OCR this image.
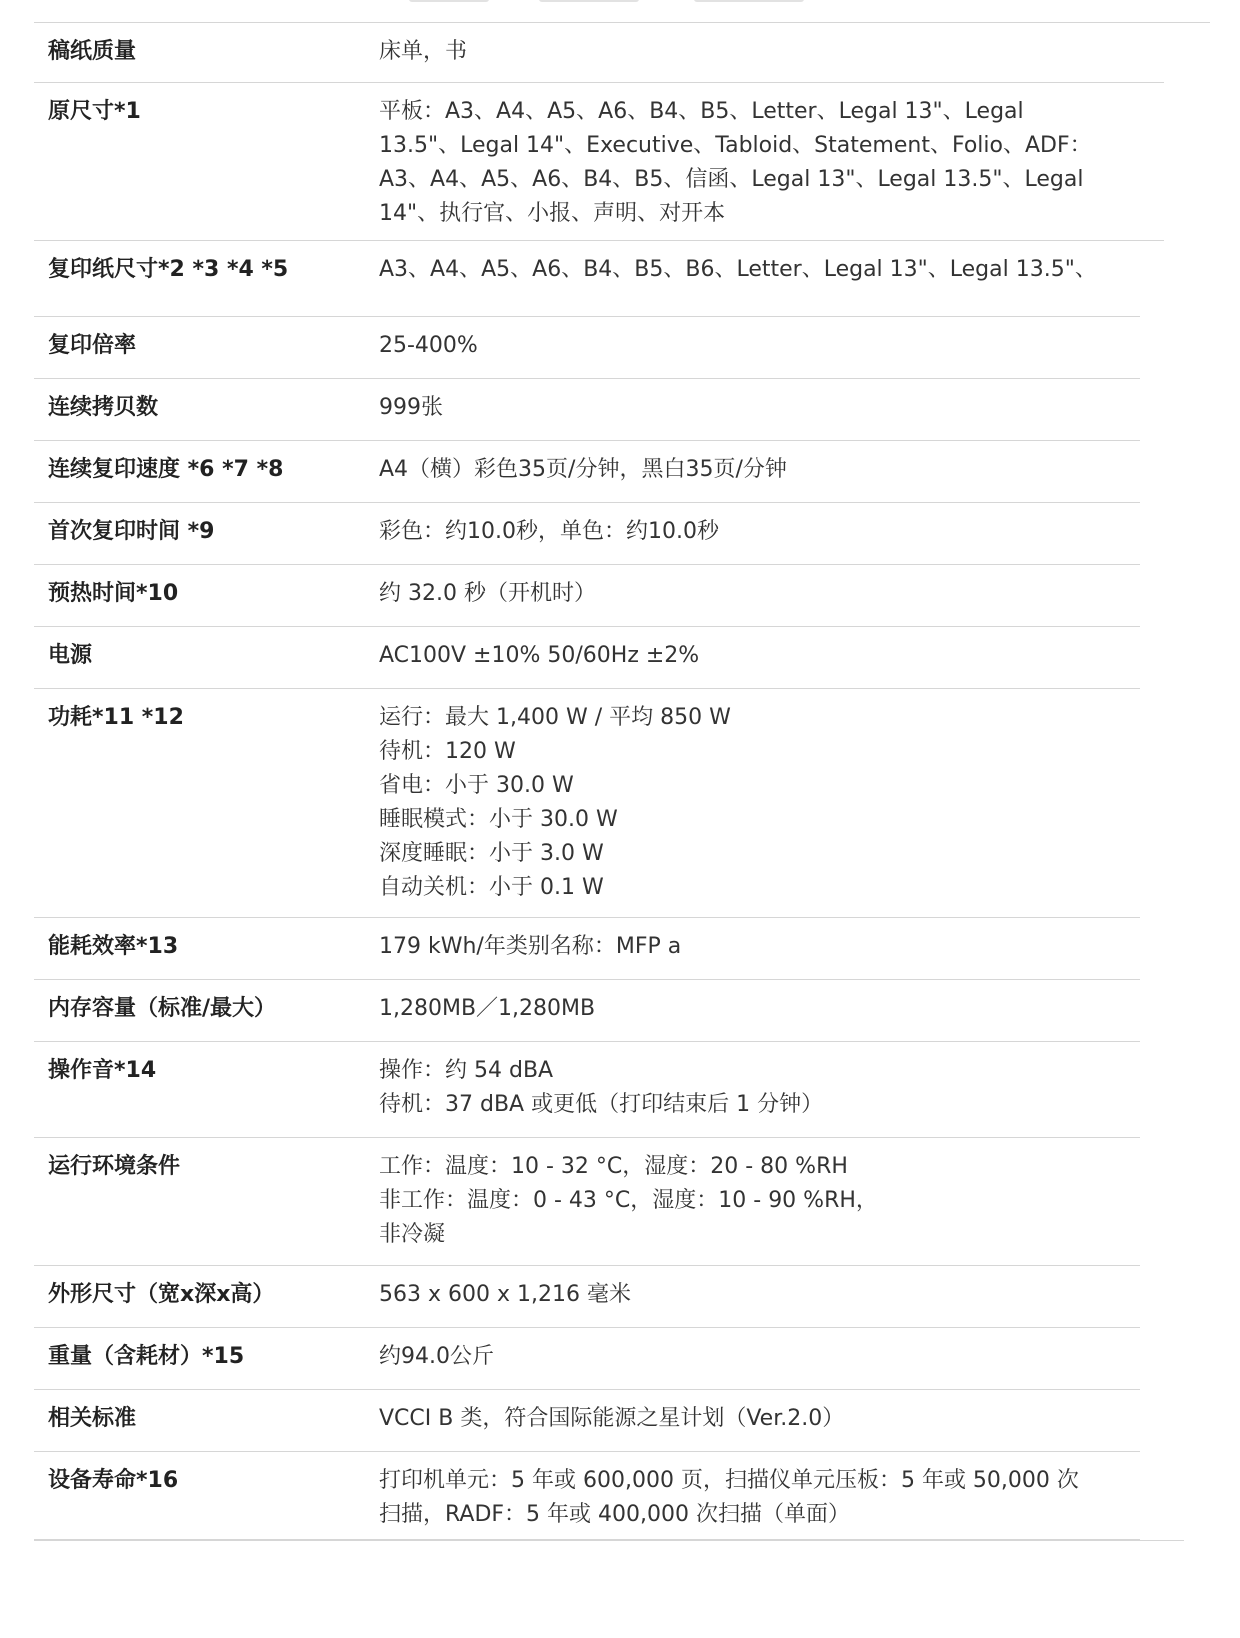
稿纸质量	床单，书
原尺寸*1	平板：A3、A4、A5、A6、B4、B5、Letter、Legal 13"、Legal
13.5"、Legal 14"、Executive、Tabloid、Statement、Folio、ADF：
A3、A4、A5、A6、B4、B5、信函、Legal 13"、Legal 13.5"、Legal
14"、执行官、小报、声明、对开本
复印纸尺寸*2 *3 *4 *5	A3、A4、A5、A6、B4、B5、B6、Letter、Legal 13"、Legal 13.5"、
复印倍率	25-400%
连续拷贝数	999张
连续复印速度 *6 *7 *8	A4（横）彩色35页/分钟，黑白35页/分钟
首次复印时间 *9	彩色：约10.0秒，单色：约10.0秒
预热时间*10	约 32.0 秒（开机时）
电源	AC100V ±10% 50/60Hz ±2%
功耗*11 *12	运行：最大 1,400 W / 平均 850 W
待机：120 W
省电：小于 30.0 W
睡眠模式：小于 30.0 W
深度睡眠：小于 3.0 W
自动关机：小于 0.1 W
能耗效率*13	179 kWh/年类别名称：MFP a
内存容量（标准/最大）	1,280MB／1,280MB
操作音*14	操作：约 54 dBA
待机：37 dBA 或更低（打印结束后 1 分钟）
运行环境条件	工作：温度：10 - 32 °C，湿度：20 - 80 %RH
非工作：温度：0 - 43 °C，湿度：10 - 90 %RH，
非冷凝
外形尺寸（宽x深x高）	563 x 600 x 1,216 毫米
重量（含耗材）*15	约94.0公斤
相关标准	VCCI B 类，符合国际能源之星计划（Ver.2.0）
设备寿命*16	打印机单元：5 年或 600,000 页，扫描仪单元压板：5 年或 50,000 次
扫描，RADF：5 年或 400,000 次扫描（单面）
